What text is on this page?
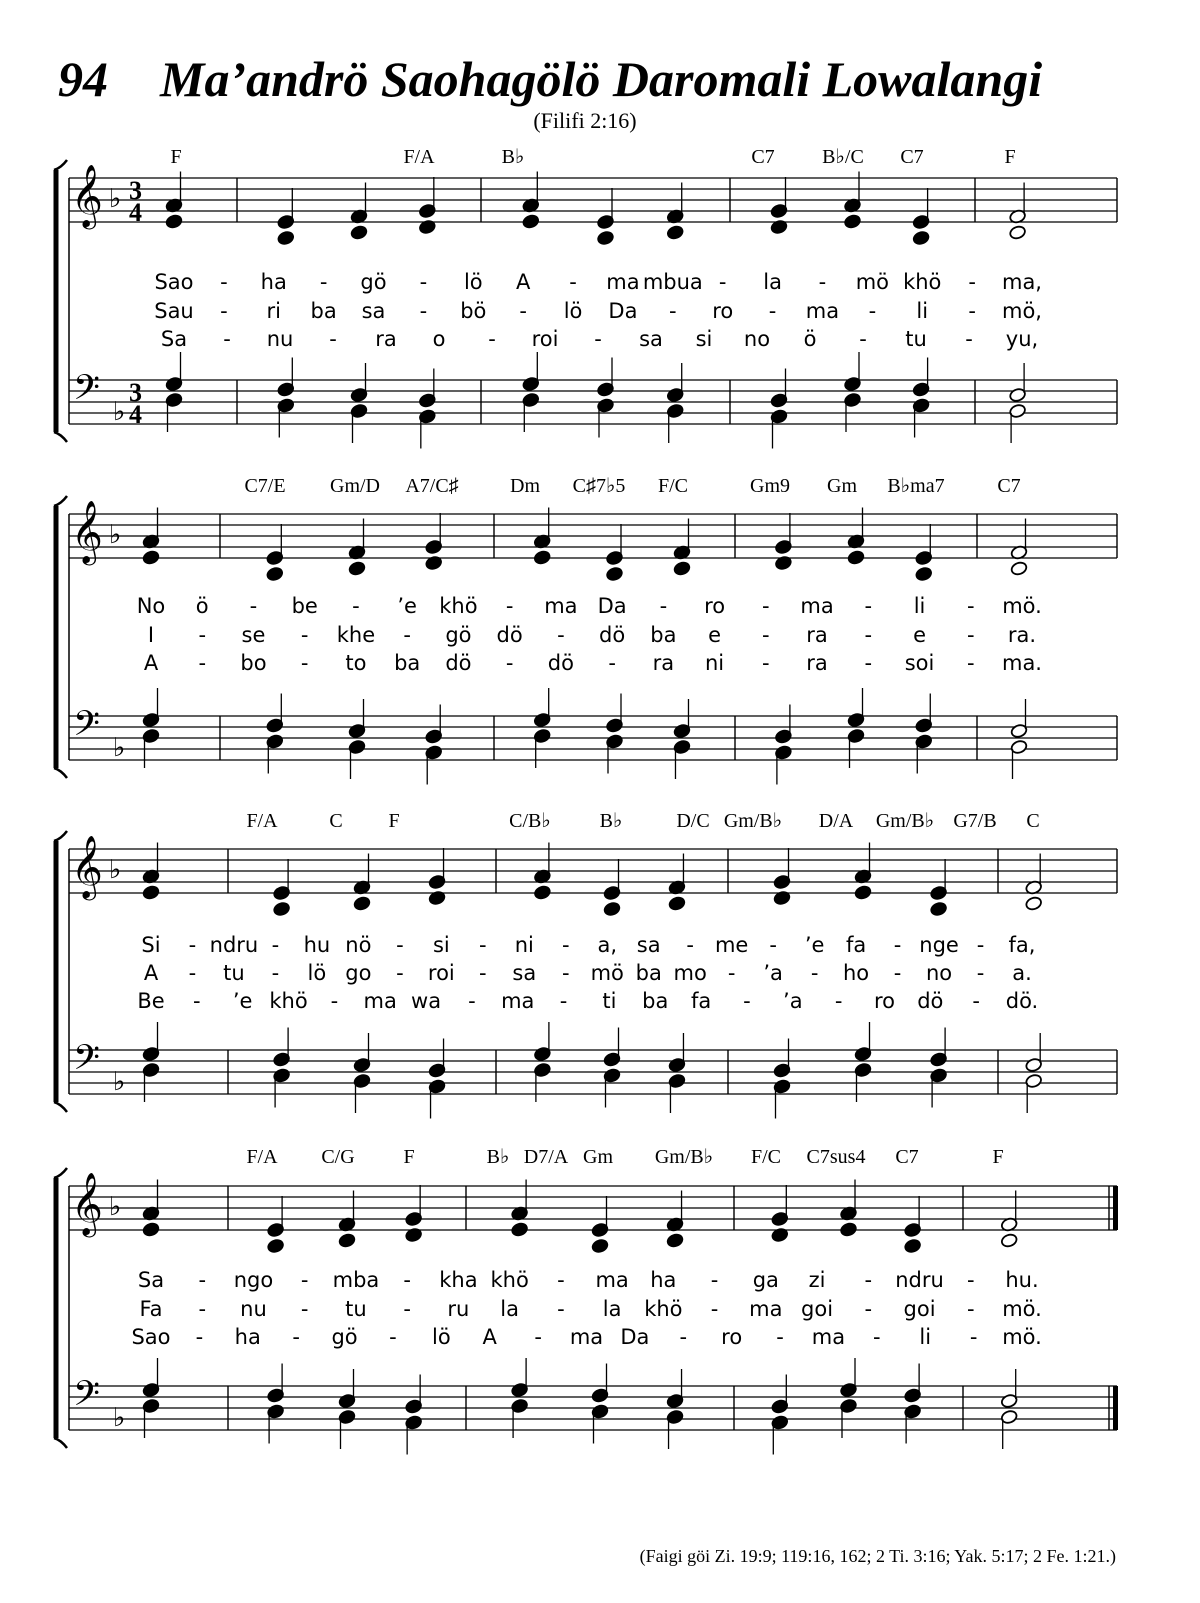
94 Ma’andrö Saohagölö Daromali Lowalangi
(Filifi 2:16)
(Faigi göi Zi. 19:9; 119:16, 162; 2 Ti. 3:16; Yak. 5:17; 2 Fe. 1:21.)
𝄞 ♭ 3
4
𝄢 ♭
3
4
F	F/A	B♭	C7 B♭/C C7	F
Sao - ha - gö - lö A - ma mbua - la - mö khö - ma,
Sau - ri ba sa - bö - lö Da - ro - ma - li - mö,
Sa - nu - ra o - roi - sa si no ö - tu - yu,
𝄞 ♭
𝄢 ♭
C7/E Gm/D A7/C♯	Dm C♯7♭5 F/C	Gm9 Gm B♭ma7	C7
No ö - be - ’e khö - ma Da - ro - ma - li - mö.
I - se - khe - gö dö - dö ba e - ra - e - ra.
A - bo - to ba dö - dö - ra ni - ra - soi - ma.
𝄞 ♭
𝄢 ♭
F/A	C F	C/B♭ B♭	D/C Gm/B♭ D/A Gm/B♭ G7/B C
Si - ndru - hu nö - si - ni - a, sa - me - ’e fa - nge - fa,
A - tu - lö go - roi - sa - mö ba mo - ’a - ho - no - a.
Be - ’e khö - ma wa - ma - ti ba fa - ’a - ro dö - dö.
𝄞 ♭
𝄢 ♭
F/A C/G F	B♭ D7/A Gm Gm/B♭ F/C C7sus4 C7	F
Sa - ngo - mba - kha khö - ma ha - ga zi - ndru - hu.
Fa - nu - tu - ru la - la khö - ma goi - goi - mö.
Sao - ha - gö - lö A - ma Da - ro - ma - li - mö.
